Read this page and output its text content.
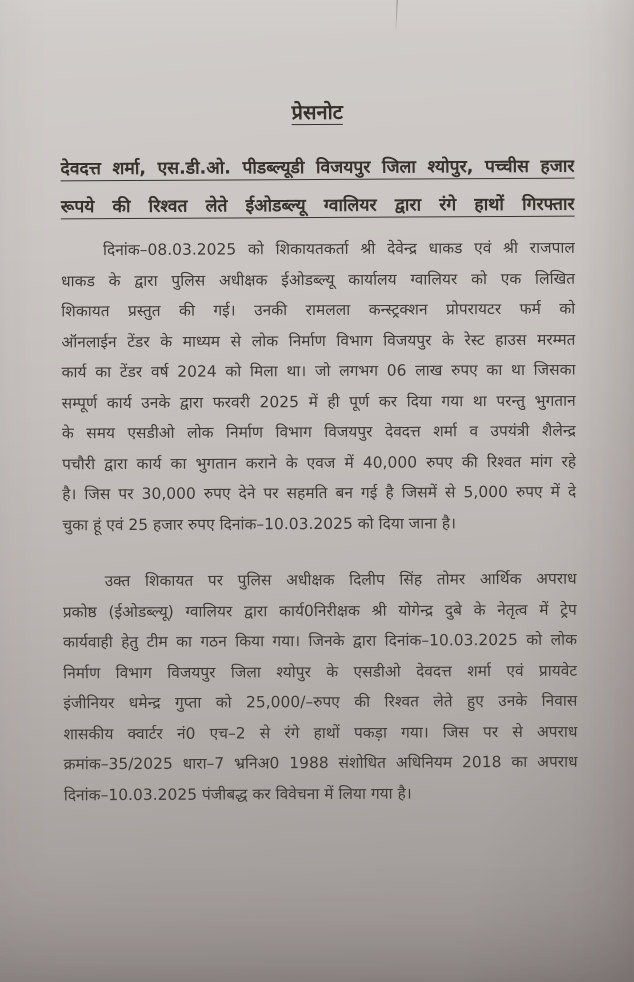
प्रेसनोट
देवदत्त शर्मा, एस.डी.ओ. पीडब्ल्यूडी विजयपुर जिला श्योपुर, पच्चीस हजार
रूपये की रिश्वत लेते ईओडब्ल्यू ग्वालियर द्वारा रंगे हाथों गिरफ्तार
दिनांक–08.03.2025 को शिकायतकर्ता श्री देवेन्द्र धाकड एवं श्री राजपाल
धाकड के द्वारा पुलिस अधीक्षक ईओडब्ल्यू कार्यालय ग्वालियर को एक लिखित
शिकायत प्रस्तुत की गई। उनकी रामलला कन्स्ट्रक्शन प्रोपरायटर फर्म को
ऑनलाईन टेंडर के माध्यम से लोक निर्माण विभाग विजयपुर के रेस्ट हाउस मरम्मत
कार्य का टेंडर वर्ष 2024 को मिला था। जो लगभग 06 लाख रुपए का था जिसका
सम्पूर्ण कार्य उनके द्वारा फरवरी 2025 में ही पूर्ण कर दिया गया था परन्तु भुगतान
के समय एसडीओ लोक निर्माण विभाग विजयपुर देवदत्त शर्मा व उपयंत्री शैलेन्द्र
पचौरी द्वारा कार्य का भुगतान कराने के एवज में 40,000 रुपए की रिश्वत मांग रहे
है। जिस पर 30,000 रुपए देने पर सहमति बन गई है जिसमें से 5,000 रुपए में दे
चुका हूं एवं 25 हजार रुपए दिनांक–10.03.2025 को दिया जाना है।
उक्त शिकायत पर पुलिस अधीक्षक दिलीप सिंह तोमर आर्थिक अपराध
प्रकोष्ठ (ईओडब्ल्यू) ग्वालियर द्वारा कार्य0निरीक्षक श्री योगेन्द्र दुबे के नेतृत्व में ट्रेप
कार्यवाही हेतु टीम का गठन किया गया। जिनके द्वारा दिनांक–10.03.2025 को लोक
निर्माण विभाग विजयपुर जिला श्योपुर के एसडीओ देवदत्त शर्मा एवं प्रायवेट
इंजीनियर धमेन्द्र गुप्ता को 25,000/–रुपए की रिश्वत लेते हुए उनके निवास
शासकीय क्वार्टर नं0 एच–2 से रंगे हाथों पकड़ा गया। जिस पर से अपराध
क्रमांक–35/2025 धारा–7 भ्रनिअ0 1988 संशोधित अधिनियम 2018 का अपराध
दिनांक–10.03.2025 पंजीबद्ध कर विवेचना में लिया गया है।
